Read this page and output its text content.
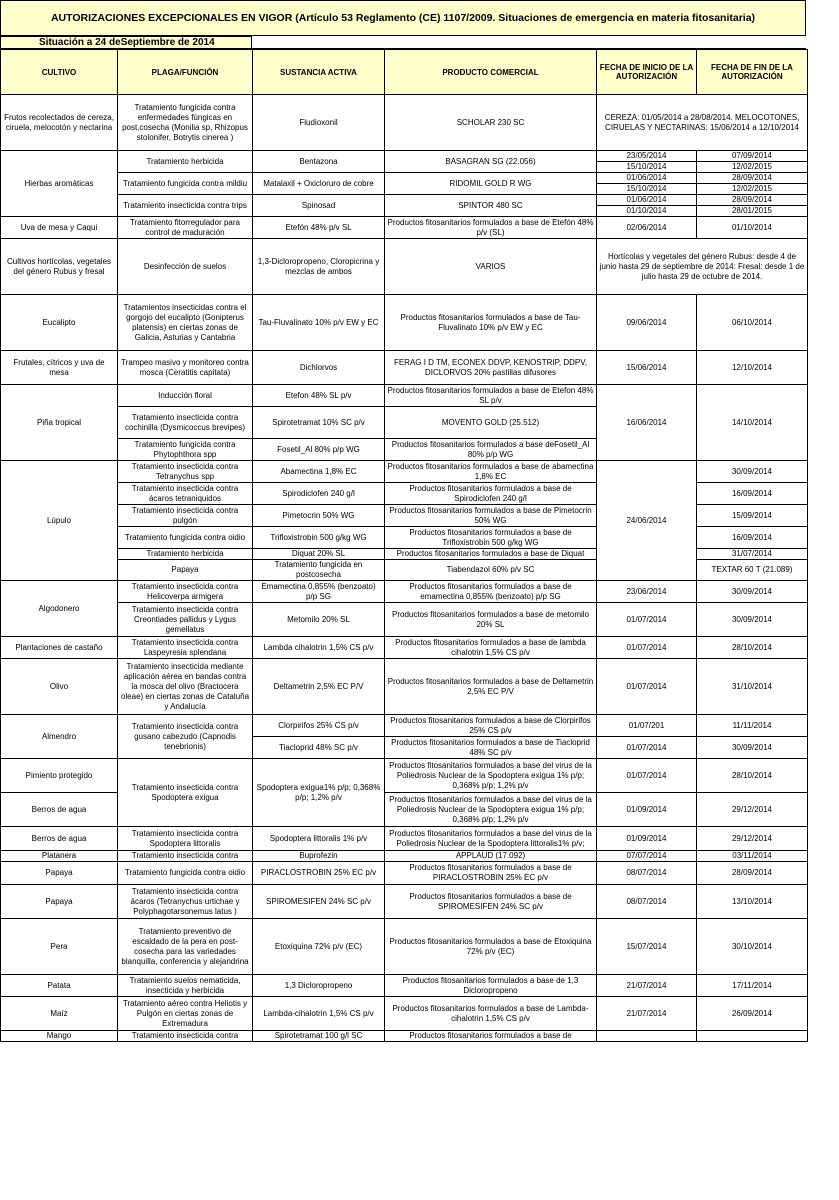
AUTORIZACIONES EXCEPCIONALES EN VIGOR (Artículo 53 Reglamento (CE) 1107/2009. Situaciones de emergencia en materia fitosanitaria)
Situación a 24 deSeptiembre de 2014
CULTIVO	PLAGA/FUNCIÓN	SUSTANCIA ACTIVA	PRODUCTO COMERCIAL	FECHA DE INICIO DE LA AUTORIZACIÓN	FECHA DE FIN DE LA AUTORIZACIÓN	
Frutos recolectados de cereza, ciruela, melocotón y nectarina	Tratamiento fungicida contra enfermedades fúngicas en post.cosecha (Monilia sp, Rhizopus stolonifer, Botrytis cinerea )	Fludioxonil	SCHOLAR 230 SC	CEREZA: 01/05/2014 a 28/08/2014. MELOCOTONES, CIRUELAS Y NECTARINAS: 15/06/2014 a 12/10/2014		
Hierbas aromáticas	Tratamiento herbicida	Bentazona	BASAGRAN SG (22.056)	23/05/2014	07/09/2014	
				15/10/2014	12/02/2015	
	Tratamiento fungicida contra mildiu	Matalaxil + Oxicloruro de cobre	RIDOMIL GOLD R WG	01/06/2014	28/09/2014	
				15/10/2014	12/02/2015	
	Tratamiento insecticida contra trips	Spinosad	SPINTOR 480 SC	01/06/2014	28/09/2014	
				01/10/2014	28/01/2015	
Uva de mesa y Caqui	Tratamiento fitorregulador para control de maduración	Etefón 48% p/v SL	Productos fitosanitarios formulados a base de Etefón 48% p/v (SL)	02/06/2014	01/10/2014	
Cultivos hortícolas, vegetales del género Rubus y fresal	Desinfección de suelos	1,3-Dicloropropeno, Cloropicrina y mezclas de ambos	VARIOS	Hortícolas y vegetales del género Rubus: desde 4 de junio hasta 29 de septiembre de 2014: Fresal: desde 1 de julio hasta 29 de octubre de 2014.		
Eucalipto	Tratamientos insecticidas contra el gorgojo del eucalipto (Gonipterus platensis) en ciertas zonas de Galicia, Asturias y Cantabria	Tau-Fluvalinato 10% p/v EW y EC	Productos fitosanitarios formulados a base de Tau-Fluvalinato 10% p/v EW y EC	09/06/2014	06/10/2014	
Frutales, cítricos y uva de mesa	Trampeo masivo y monitoreo contra mosca (Ceratitis capitata)	Dichlorvos	FERAG I D TM, ECONEX DDVP, KENOSTRIP, DDPV, DICLORVOS 20% pastillas difusores	15/06/2014	12/10/2014	
Piña tropical	Inducción floral	Etefon 48% SL p/v	Productos fitosanitarios formulados a base de Etefon 48% SL p/v	16/06/2014	14/10/2014	
	Tratamiento insecticida contra cochinilla (Dysmicoccus brevipes)	Spirotetramat 10% SC p/v	MOVENTO GOLD (25.512)			
	Tratamiento fungicida contra Phytophthora spp	Fosetil_Al 80% p/p WG	Productos fitosanitarios formulados a base deFosetil_Al 80% p/p WG			
Lúpulo	Tratamiento insecticida contra Tetranychus spp	Abamectina 1,8% EC	Productos fitosanitarios formulados a base de abamectina 1,8% EC	24/06/2014	30/09/2014	
	Tratamiento insecticida contra ácaros tetraniquidos	Spirodiclofen 240 g/l	Productos fitosanitarios formulados a base de Spirodiclofen 240 g/l		16/09/2014	
	Tratamiento insecticida contra pulgón	Pimetocrin 50% WG	Productos fitosanitarios formulados a base de Pimetocrin 50% WG		15/09/2014	
	Tratamiento fungicida contra oidio	Trifloxistrobin 500 g/kg WG	Productos fitosanitarios formulados a base de Trifloxistrobin 500 g/kg WG		16/09/2014	
	Tratamiento herbicida	Diquat 20% SL	Productos fitosanitarios formulados a base de Diquat		31/07/2014	
	Papaya	Tratamiento fungicida en postcosecha	Tiabendazol 60% p/v SC		TEXTAR 60 T (21.089)		
Algodonero	Tratamiento insecticida contra Helicoverpa armigera	Emamectina 0,855% (benzoato) p/p SG	Productos fitosanitarios formulados a base de emamectina 0,855% (benzoato) p/p SG	23/06/2014	30/09/2014	
	Tratamiento insecticida contra Creontiades pallidus y Lygus gemellatus	Metomilo 20% SL	Productos fitosanitarios formulados a base de metomilo 20% SL	01/07/2014	30/09/2014	
Plantaciones de castaño	Tratamiento insecticida contra Laspeyresia splendana	Lambda cihalotrin 1,5% CS p/v	Productos fitosanitarios formulados a base de lambda cihalotrin 1,5% CS p/v	01/07/2014	28/10/2014	
Olivo	Tratamiento insecticida mediante aplicación aérea en bandas contra la mosca del olivo (Bractocera oleae) en ciertas zonas de Cataluña y Andalucía	Deltametrin 2,5% EC P/V	Productos fitosanitarios formulados a base de Deltametrin 2,5% EC P/V	01/07/2014	31/10/2014	
Almendro	Tratamiento insecticida contra gusano cabezudo (Capnodis tenebrionis)	Clorpirifos 25% CS p/v	Productos fitosanitarios formulados a base de Clorpirifos 25% CS p/v	01/07/201	11/11/2014	
		Tiacloprid 48% SC p/v	Productos fitosanitarios formulados a base de Tiacloprid 48% SC p/v	01/07/2014	30/09/2014	
Pimiento protegido	Tratamiento insecticida contra Spodoptera exigua	Spodoptera exigua1% p/p; 0,368% p/p; 1,2% p/v	Productos fitosanitarios formulados a base del virus de la Poliedrosis Nuclear de la Spodoptera exigua 1% p/p; 0,368% p/p; 1,2% p/v	01/07/2014	28/10/2014	
Berros de agua			Productos fitosanitarios formulados a base del virus de la Poliedrosis Nuclear de la Spodoptera exigua 1% p/p; 0,368% p/p; 1,2% p/v	01/09/2014	29/12/2014	
Berros de agua	Tratamiento insecticida contra Spodoptera littoralis	Spodoptera littoralis 1% p/v	Productos fitosanitarios formulados a base del virus de la Poliedrosis Nuclear de la Spodoptera littoralis1% p/v;	01/09/2014	29/12/2014	
Platanera	Tratamiento insecticida contra	Buprofezin	APPLAUD (17.092)	07/07/2014	03/11/2014	
Papaya	Tratamiento fungicida contra oidio	PIRACLOSTROBIN 25% EC p/v	Productos fitosanitarios formulados a base de PIRACLOSTROBIN 25% EC p/v	08/07/2014	28/09/2014	
Papaya	Tratamiento insecticida contra ácaros (Tetranychus urtichae y Polyphagotarsonemus latus )	SPIROMESIFEN 24% SC p/v	Productos fitosanitarios formulados a base de SPIROMESIFEN 24% SC p/v	08/07/2014	13/10/2014	
Pera	Tratamiento preventivo de escaldado de la pera en post-cosecha para las variedades blanquilla, conferencia y alejandrina	Etoxiquina 72% p/v (EC)	Productos fitosanitarios formulados a base de Etoxiquina 72% p/v (EC)	15/07/2014	30/10/2014	
Patata	Tratamiento suelos nematicida, insecticida y herbicida	1,3 Dicloropropeno	Productos fitosanitarios formulados a base de 1,3 Dicloropropeno	21/07/2014	17/11/2014	
Maíz	Tratamiento aéreo contra Heliotis y Pulgón en ciertas zonas de Extremadura	Lambda-cihalotrin 1,5% CS p/v	Productos fitosanitarios formulados a base de Lambda-cihalotrin 1,5% CS p/v	21/07/2014	26/09/2014	
Mango	Tratamiento insecticida contra	Spirotetramat 100 g/l SC	Productos fitosanitarios formulados a base de			
